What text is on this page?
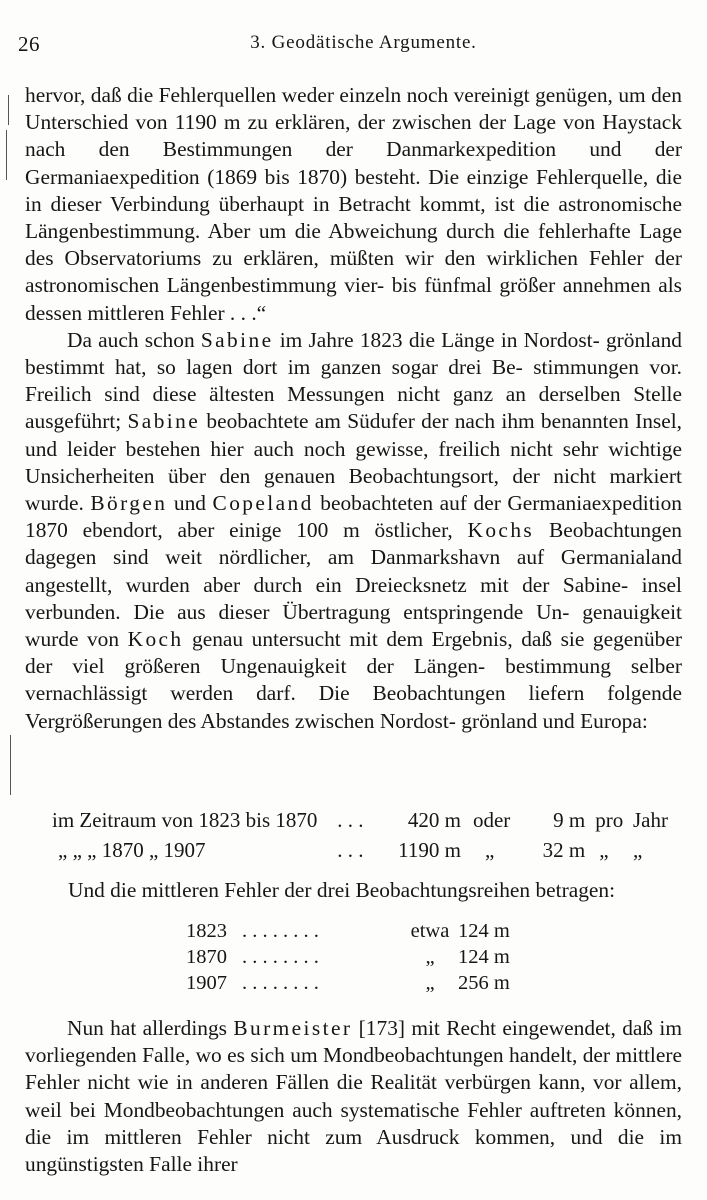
26	3. Geodätische Argumente.

hervor, daß die Fehlerquellen weder einzeln noch vereinigt genügen, um den Unterschied von 1190 m zu erklären, der zwischen der Lage von Haystack nach den Bestimmungen der Danmarkexpedition und der Germaniaexpedition (1869 bis 1870) besteht. Die einzige Fehlerquelle, die in dieser Verbindung überhaupt in Betracht kommt, ist die astronomische Längenbestimmung. Aber um die Abweichung durch die fehlerhafte Lage des Observatoriums zu erklären, müßten wir den wirklichen Fehler der astronomischen Längenbestimmung vier- bis fünfmal größer annehmen als dessen mittleren Fehler . . .“

Da auch schon Sabine im Jahre 1823 die Länge in Nordost- grönland bestimmt hat, so lagen dort im ganzen sogar drei Be- stimmungen vor. Freilich sind diese ältesten Messungen nicht ganz an derselben Stelle ausgeführt; Sabine beobachtete am Südufer der nach ihm benannten Insel, und leider bestehen hier auch noch gewisse, freilich nicht sehr wichtige Unsicherheiten über den genauen Beobachtungsort, der nicht markiert wurde. Börgen und Copeland beobachteten auf der Germaniaexpedition 1870 ebendort, aber einige 100 m östlicher, Kochs Beobachtungen dagegen sind weit nördlicher, am Danmarkshavn auf Germanialand angestellt, wurden aber durch ein Dreiecksnetz mit der Sabine- insel verbunden. Die aus dieser Übertragung entspringende Un- genauigkeit wurde von Koch genau untersucht mit dem Ergebnis, daß sie gegenüber der viel größeren Ungenauigkeit der Längen- bestimmung selber vernachlässigt werden darf. Die Beobachtungen liefern folgende Vergrößerungen des Abstandes zwischen Nordost- grönland und Europa:

im Zeitraum von 1823 bis 1870	. . .	420 m	oder	9 m	pro	Jahr
„ „ „ 1870 „ 1907	. . .	1190 m	„	32 m	„	„
Und die mittleren Fehler der drei Beobachtungsreihen betragen:
1823	. . . . . . . .	etwa	124 m
1870	. . . . . . . .	„	124 m
1907	. . . . . . . .	„	256 m

Nun hat allerdings Burmeister [173] mit Recht eingewendet, daß im vorliegenden Falle, wo es sich um Mondbeobachtungen handelt, der mittlere Fehler nicht wie in anderen Fällen die Realität verbürgen kann, vor allem, weil bei Mondbeobachtungen auch systematische Fehler auftreten können, die im mittleren Fehler nicht zum Ausdruck kommen, und die im ungünstigsten Falle ihrer
